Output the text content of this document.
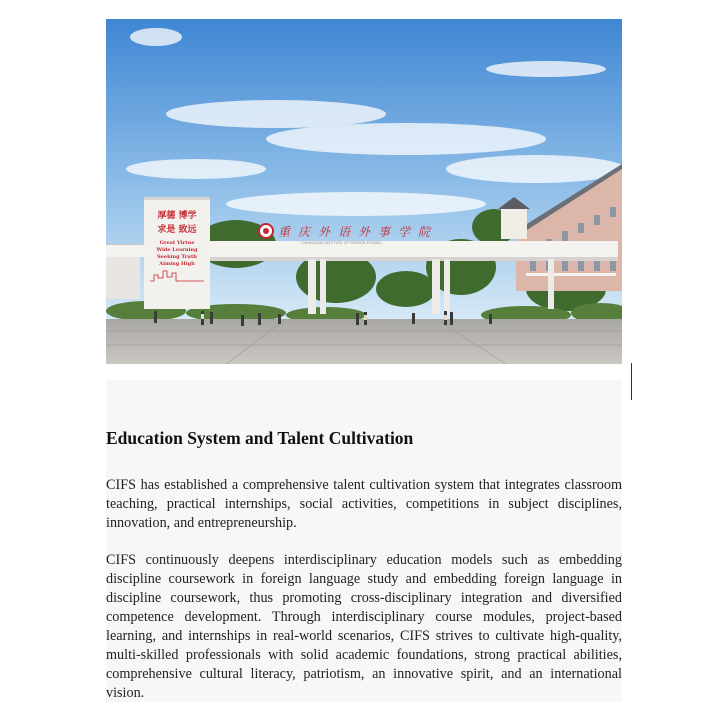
厚德 博学
求是 致远
Great Virtue
Wide Learning
Seeking Truth
Aiming High
重庆外语外事学院
CHONGQING INSTITUTE OF FOREIGN STUDIES
Education System and Talent Cultivation

CIFS has established a comprehensive talent cultivation system that integrates classroom teaching, practical internships, social activities, competitions in subject disciplines, innovation, and entrepreneurship.

CIFS continuously deepens interdisciplinary education models such as embedding discipline coursework in foreign language study and embedding foreign language in discipline coursework, thus promoting cross-disciplinary integration and diversified competence development. Through interdisciplinary course modules, project-based learning, and internships in real-world scenarios, CIFS strives to cultivate high-quality, multi-skilled professionals with solid academic foundations, strong practical abilities, comprehensive cultural literacy, patriotism, an innovative spirit, and an international vision.
